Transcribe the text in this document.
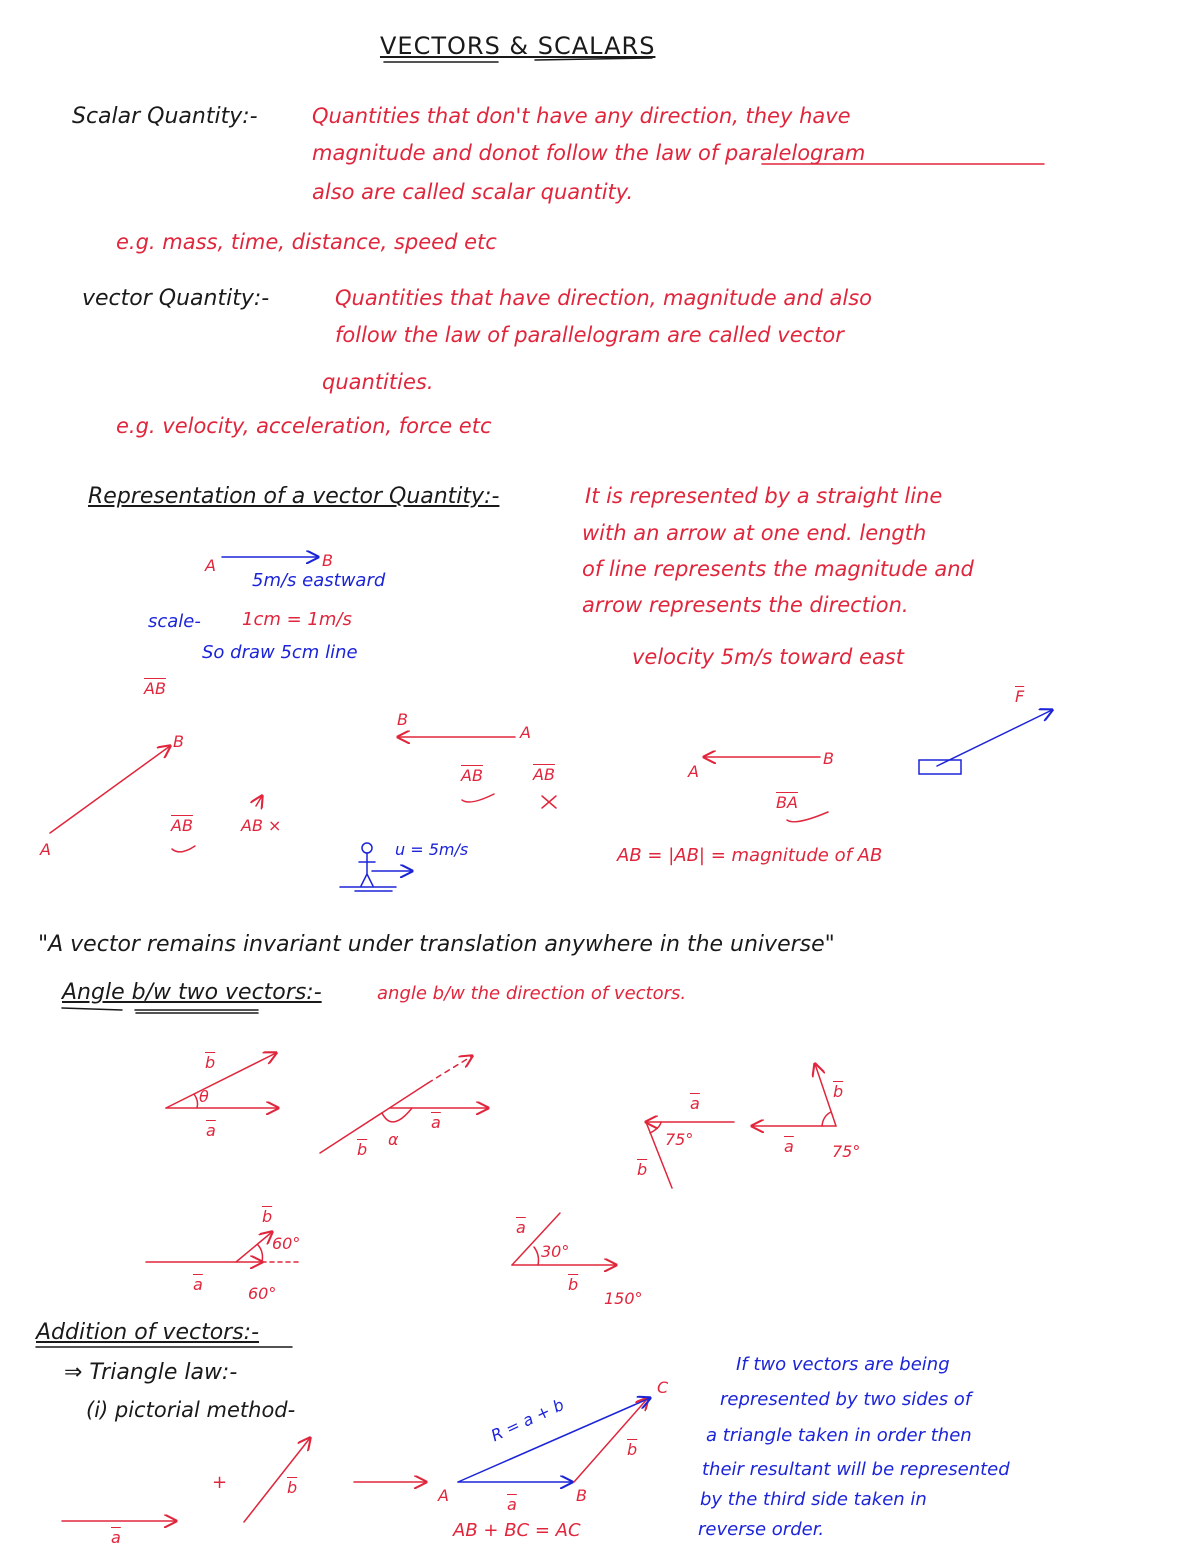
VECTORS & SCALARS
Scalar Quantity:-	Quantities that don't have any direction, they have
magnitude and donot follow the law of paralelogram
also are called scalar quantity.
e.g. mass, time, distance, speed etc
vector Quantity:-	Quantities that have direction, magnitude and also
follow the law of parallelogram are called vector
quantities.
e.g. velocity, acceleration, force etc
Representation of a vector Quantity:-	It is represented by a straight line
with an arrow at one end. length
of line represents the magnitude and
arrow represents the direction.
velocity 5m/s toward east
A	B
5m/s eastward
scale- 1cm = 1m/s
So draw 5cm line
$\overline{AB}$
A
B
$\overline{AB}$	AB ×
B
A
$\overline{AB}$	$\overline{AB}$
u = 5m/s
A
B
$\overline{BA}$
AB = |AB| = magnitude of AB
$\overline{F}$
"A vector remains invariant under translation anywhere in the universe"
Angle b/w two vectors:-	angle b/w the direction of vectors.
$\overline{b}$
θ
$\overline{a}$
$\overline{b}$
α
$\overline{a}$
$\overline{a}$
75°
$\overline{b}$
$\overline{b}$
$\overline{a}$ 75°
$\overline{b}$
60°
$\overline{a}$	60°
$\overline{a}$
30°
$\overline{b}$
150°
Addition of vectors:-
⇒ Triangle law:-
(i) pictorial method-
+
$\overline{a}$
$\overline{b}$	A	B
C
$\overline{a}$
$\overline{b}$
R = a + b
AB + BC = AC
If two vectors are being
represented by two sides of
a triangle taken in order then
their resultant will be represented
by the third side taken in
reverse order.
